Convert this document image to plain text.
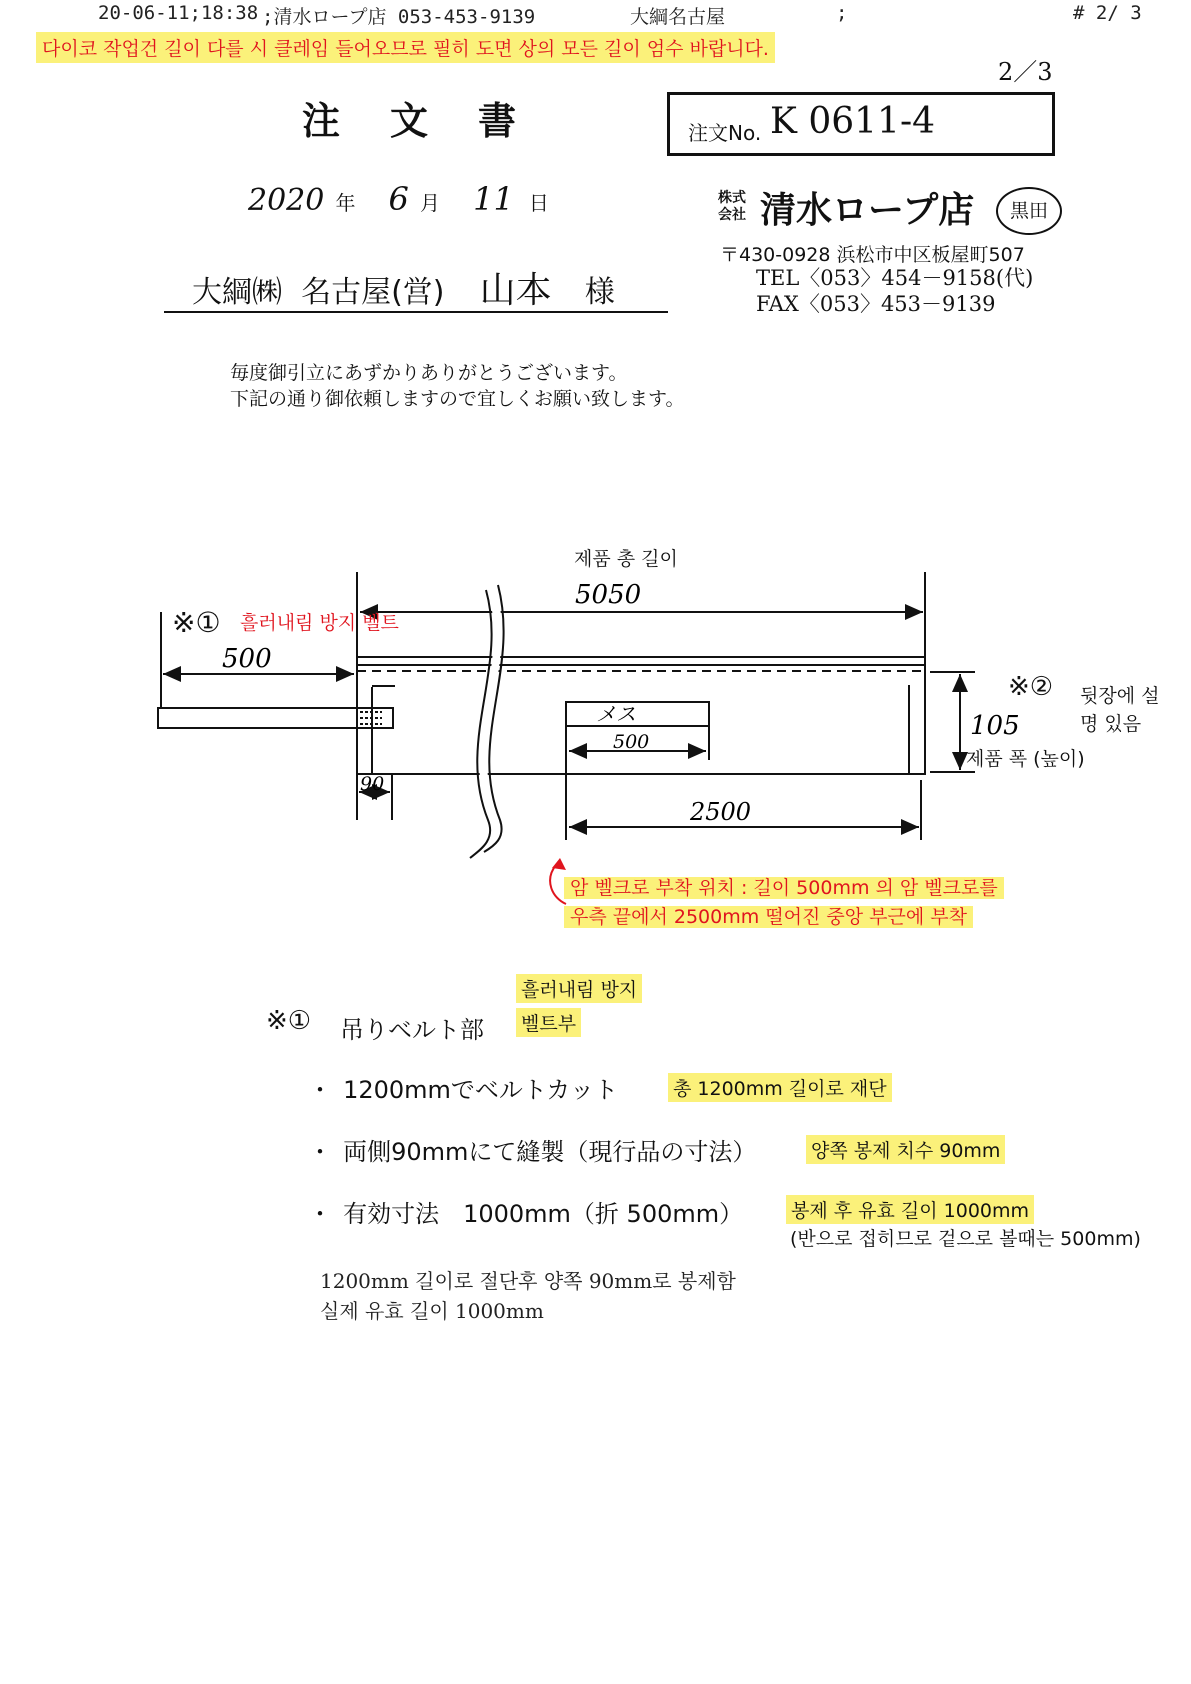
20-06-11;18:38 ;清水ロープ店 053-453-9139	大綱名古屋	;	# 2/ 3
다이코 작업건 길이 다를 시 클레임 들어오므로 필히 도면 상의 모든 길이 엄수 바랍니다.
2／3
注　文　書	注文No. K 0611-4
2020 年 6 月 11 日
大綱㈱ 名古屋(営) 山本 様
株式
会社 清水ロープ店	黒田
〒430-0928 浜松市中区板屋町507
TEL〈053〉454－9158(代)
FAX〈053〉453－9139
毎度御引立にあずかりありがとうございます。
下記の通り御依頼しますので宜しくお願い致します。
5050
500
メス
500
2500
90
105
제품 총 길이
※① 흘러내림 방지 벨트
※② 뒷장에 설
명 있음
제품 폭 (높이)
암 벨크로 부착 위치 : 길이 500mm 의 암 벨크로를
우측 끝에서 2500mm 떨어진 중앙 부근에 부착
흘러내림 방지
벨트부
※① 吊りベルト部
・ 1200mmでベルトカット	총 1200mm 길이로 재단
・ 両側90mmにて縫製（現行品の寸法）	양쪽 봉제 치수 90mm
・ 有効寸法　1000mm（折 500mm）	봉제 후 유효 길이 1000mm
(반으로 접히므로 겉으로 볼때는 500mm)
1200mm 길이로 절단후 양쪽 90mm로 봉제함
실제 유효 길이 1000mm
